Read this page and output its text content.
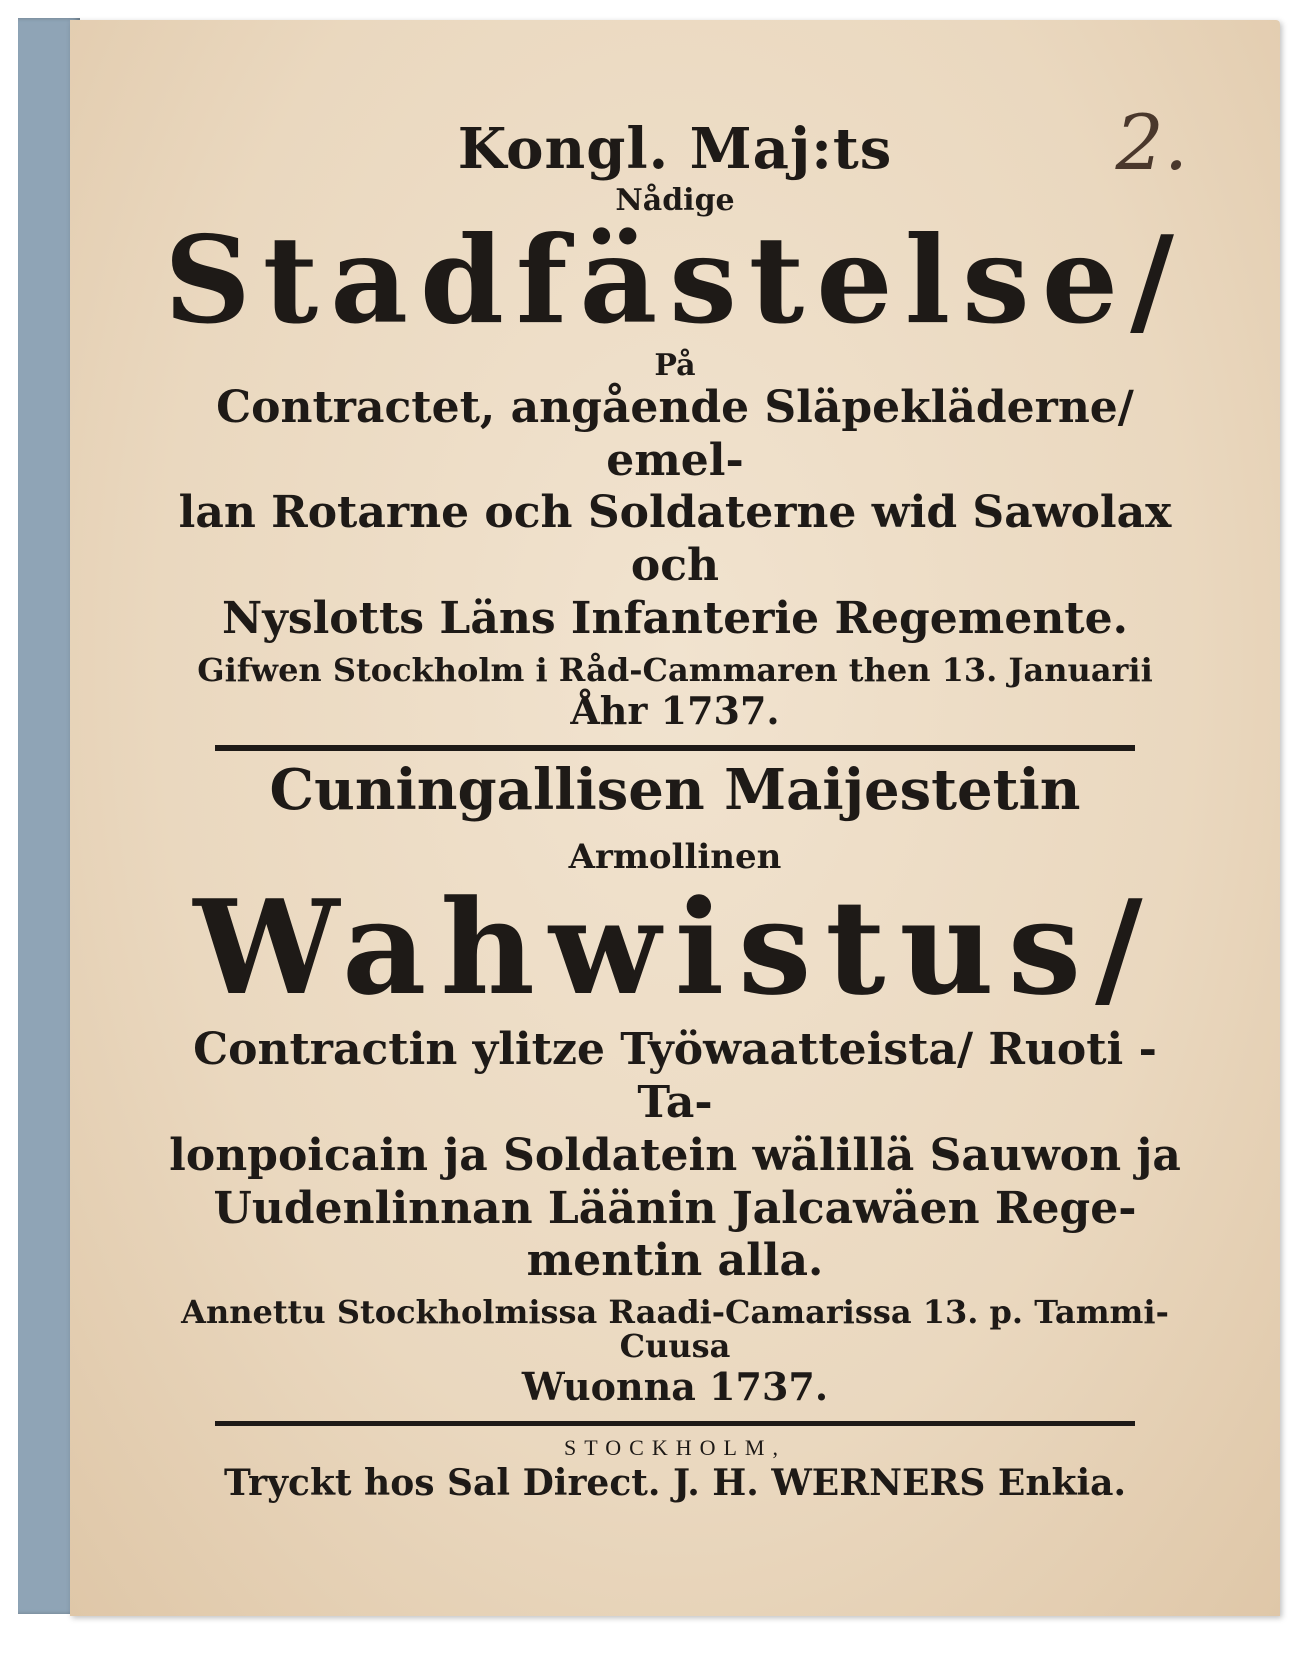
2.
Kongl. Maj:ts
Nådige
Stadfästelse/
På
Contractet, angående Släpekläderne/ emel-
lan Rotarne och Soldaterne wid Sawolax och
Nyslotts Läns Infanterie Regemente.
Gifwen Stockholm i Råd-Cammaren then 13. Januarii
Åhr 1737.
Cuningallisen Maijestetin
Armollinen
Wahwistus/
Contractin ylitze Työwaatteista/ Ruoti - Ta-
lonpoicain ja Soldatein wälillä Sauwon ja
Uudenlinnan Läänin Jalcawäen Rege-
mentin alla.
Annettu Stockholmissa Raadi-Camarissa 13. p. Tammi-Cuusa
Wuonna 1737.
STOCKHOLM,
Tryckt hos Sal Direct. J. H. WERNERS Enkia.
